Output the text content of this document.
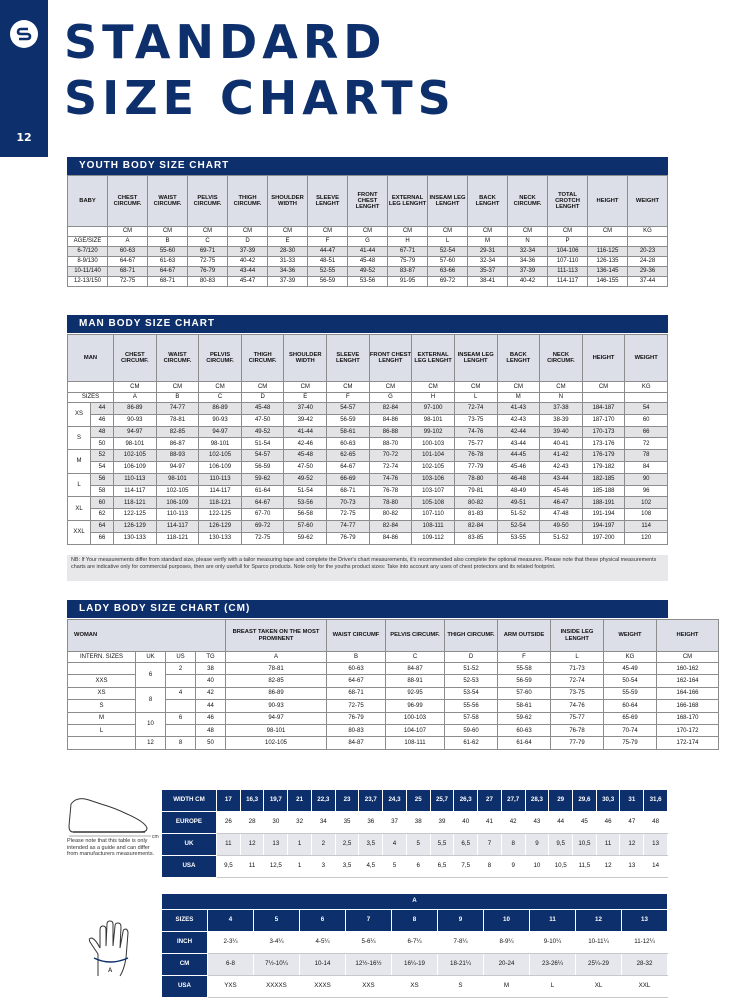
12
STANDARD
SIZE CHARTS
YOUTH BODY SIZE CHART
BABY	CHEST CIRCUMF.	WAIST CIRCUMF.	PELVIS CIRCUMF.	THIGH CIRCUMF.	SHOULDER WIDTH	SLEEVE LENGHT	FRONT CHEST LENGHT	EXTERNAL LEG LENGHT	INSEAM LEG LENGHT	BACK LENGHT	NECK CIRCUMF.	TOTAL CROTCH LENGHT	HEIGHT	WEIGHT
	CM	CM	CM	CM	CM	CM	CM	CM	CM	CM	CM	CM	CM	KG
AGE/SIZE	A	B	C	D	E	F	G	H	L	M	N	P		
6-7/120	60-63	55-60	69-71	37-39	28-30	44-47	41-44	67-71	52-54	29-31	32-34	104-106	116-125	20-23
8-9/130	64-67	61-63	72-75	40-42	31-33	48-51	45-48	75-79	57-60	32-34	34-36	107-110	126-135	24-28
10-11/140	68-71	64-67	76-79	43-44	34-36	52-55	49-52	83-87	63-66	35-37	37-39	111-113	136-145	29-36
12-13/150	72-75	68-71	80-83	45-47	37-39	56-59	53-56	91-95	69-72	38-41	40-42	114-117	146-155	37-44
MAN BODY SIZE CHART
MAN		CHEST CIRCUMF.	WAIST CIRCUMF.	PELVIS CIRCUMF.	THIGH CIRCUMF.	SHOULDER WIDTH	SLEEVE LENGHT	FRONT CHEST LENGHT	EXTERNAL LEG LENGHT	INSEAM LEG LENGHT	BACK LENGHT	NECK CIRCUMF.	HEIGHT	WEIGHT
		CM	CM	CM	CM	CM	CM	CM	CM	CM	CM	CM	CM	KG
SIZES		A	B	C	D	E	F	G	H	L	M	N		
XS	44	86-89	74-77	86-89	45-48	37-40	54-57	82-84	97-100	72-74	41-43	37-38	184-187	54
	46	90-93	78-81	90-93	47-50	39-42	56-59	84-86	98-101	73-75	42-43	38-39	187-170	60
S	48	94-97	82-85	94-97	49-52	41-44	58-61	86-88	99-102	74-76	42-44	39-40	170-173	66
	50	98-101	86-87	98-101	51-54	42-46	60-63	88-70	100-103	75-77	43-44	40-41	173-176	72
M	52	102-105	88-93	102-105	54-57	45-48	62-65	70-72	101-104	76-78	44-45	41-42	176-179	78
	54	106-109	94-97	106-109	56-59	47-50	64-67	72-74	102-105	77-79	45-46	42-43	179-182	84
L	56	110-113	98-101	110-113	59-62	49-52	66-69	74-76	103-106	78-80	46-48	43-44	182-185	90
	58	114-117	102-105	114-117	61-64	51-54	68-71	76-78	103-107	79-81	48-49	45-46	185-188	96
XL	60	118-121	106-109	118-121	64-67	53-56	70-73	78-80	105-108	80-82	49-51	46-47	188-191	102
	62	122-125	110-113	122-125	67-70	56-58	72-75	80-82	107-110	81-83	51-52	47-48	191-194	108
XXL	64	126-129	114-117	126-129	69-72	57-60	74-77	82-84	108-111	82-84	52-54	49-50	194-197	114
	66	130-133	118-121	130-133	72-75	59-62	76-79	84-86	109-112	83-85	53-55	51-52	197-200	120
NB: If Your measurements differ from standard size, please verify with a tailor measuring tape and complete the Driver's chart measurements, it's recommended also complete the optional measures. Please note that these physical measurements charts are indicative only for commercial purposes, then are only usefull for Sparco products. Note only for the youths product sizes: Take into account any uses of chest protectors and its related footprint.
LADY BODY SIZE CHART (CM)
WOMAN				BREAST TAKEN ON THE MOST PROMINENT	WAIST CIRCUMF	PELVIS CIRCUMF.	THIGH CIRCUMF.	ARM OUTSIDE	INSIDE LEG LENGHT	WEIGHT	HEIGHT
INTERN. SIZES	UK	US	TG	A	B	C	D	F	L	KG	CM
	6	2	38	78-81	60-63	84-87	51-52	55-58	71-73	45-49	160-162
XXS			40	82-85	64-67	88-91	52-53	56-59	72-74	50-54	162-164
XS	8	4	42	86-89	68-71	92-95	53-54	57-60	73-75	55-59	164-166
S			44	90-93	72-75	96-99	55-56	58-61	74-76	60-64	166-168
M	10	6	46	94-97	76-79	100-103	57-58	59-62	75-77	65-69	168-170
L			48	98-101	80-83	104-107	59-60	60-63	76-78	70-74	170-172
	12	8	50	102-105	84-87	108-111	61-62	61-64	77-79	75-79	172-174
cm
Please note that this table is only intended as a guide and can differ from manufacturers measurements.
WIDTH CM	17	16,3	19,7	21	22,3	23	23,7	24,3	25	25,7	26,3	27	27,7	28,3	29	29,6	30,3	31	31,6
EUROPE	26	28	30	32	34	35	36	37	38	39	40	41	42	43	44	45	46	47	48
UK	11	12	13	1	2	2,5	3,5	4	5	5,5	6,5	7	8	9	9,5	10,5	11	12	13
USA	9,5	11	12,5	1	3	3,5	4,5	5	6	6,5	7,5	8	9	10	10,5	11,5	12	13	14
A
A										
SIZES	4	5	6	7	8	9	10	11	12	13
INCH	2-3¼	3-4¼	4-5¼	5-6¼	6-7¼	7-8¼	8-9¼	9-10¼	10-11¼	11-12¼
CM	6-8	7½-10¼	10-14	12½-16½	16¼-19	18-21¼	20-24	23-26¼	25¼-29	28-32
USA	YXS	XXXXS	XXXS	XXS	XS	S	M	L	XL	XXL
